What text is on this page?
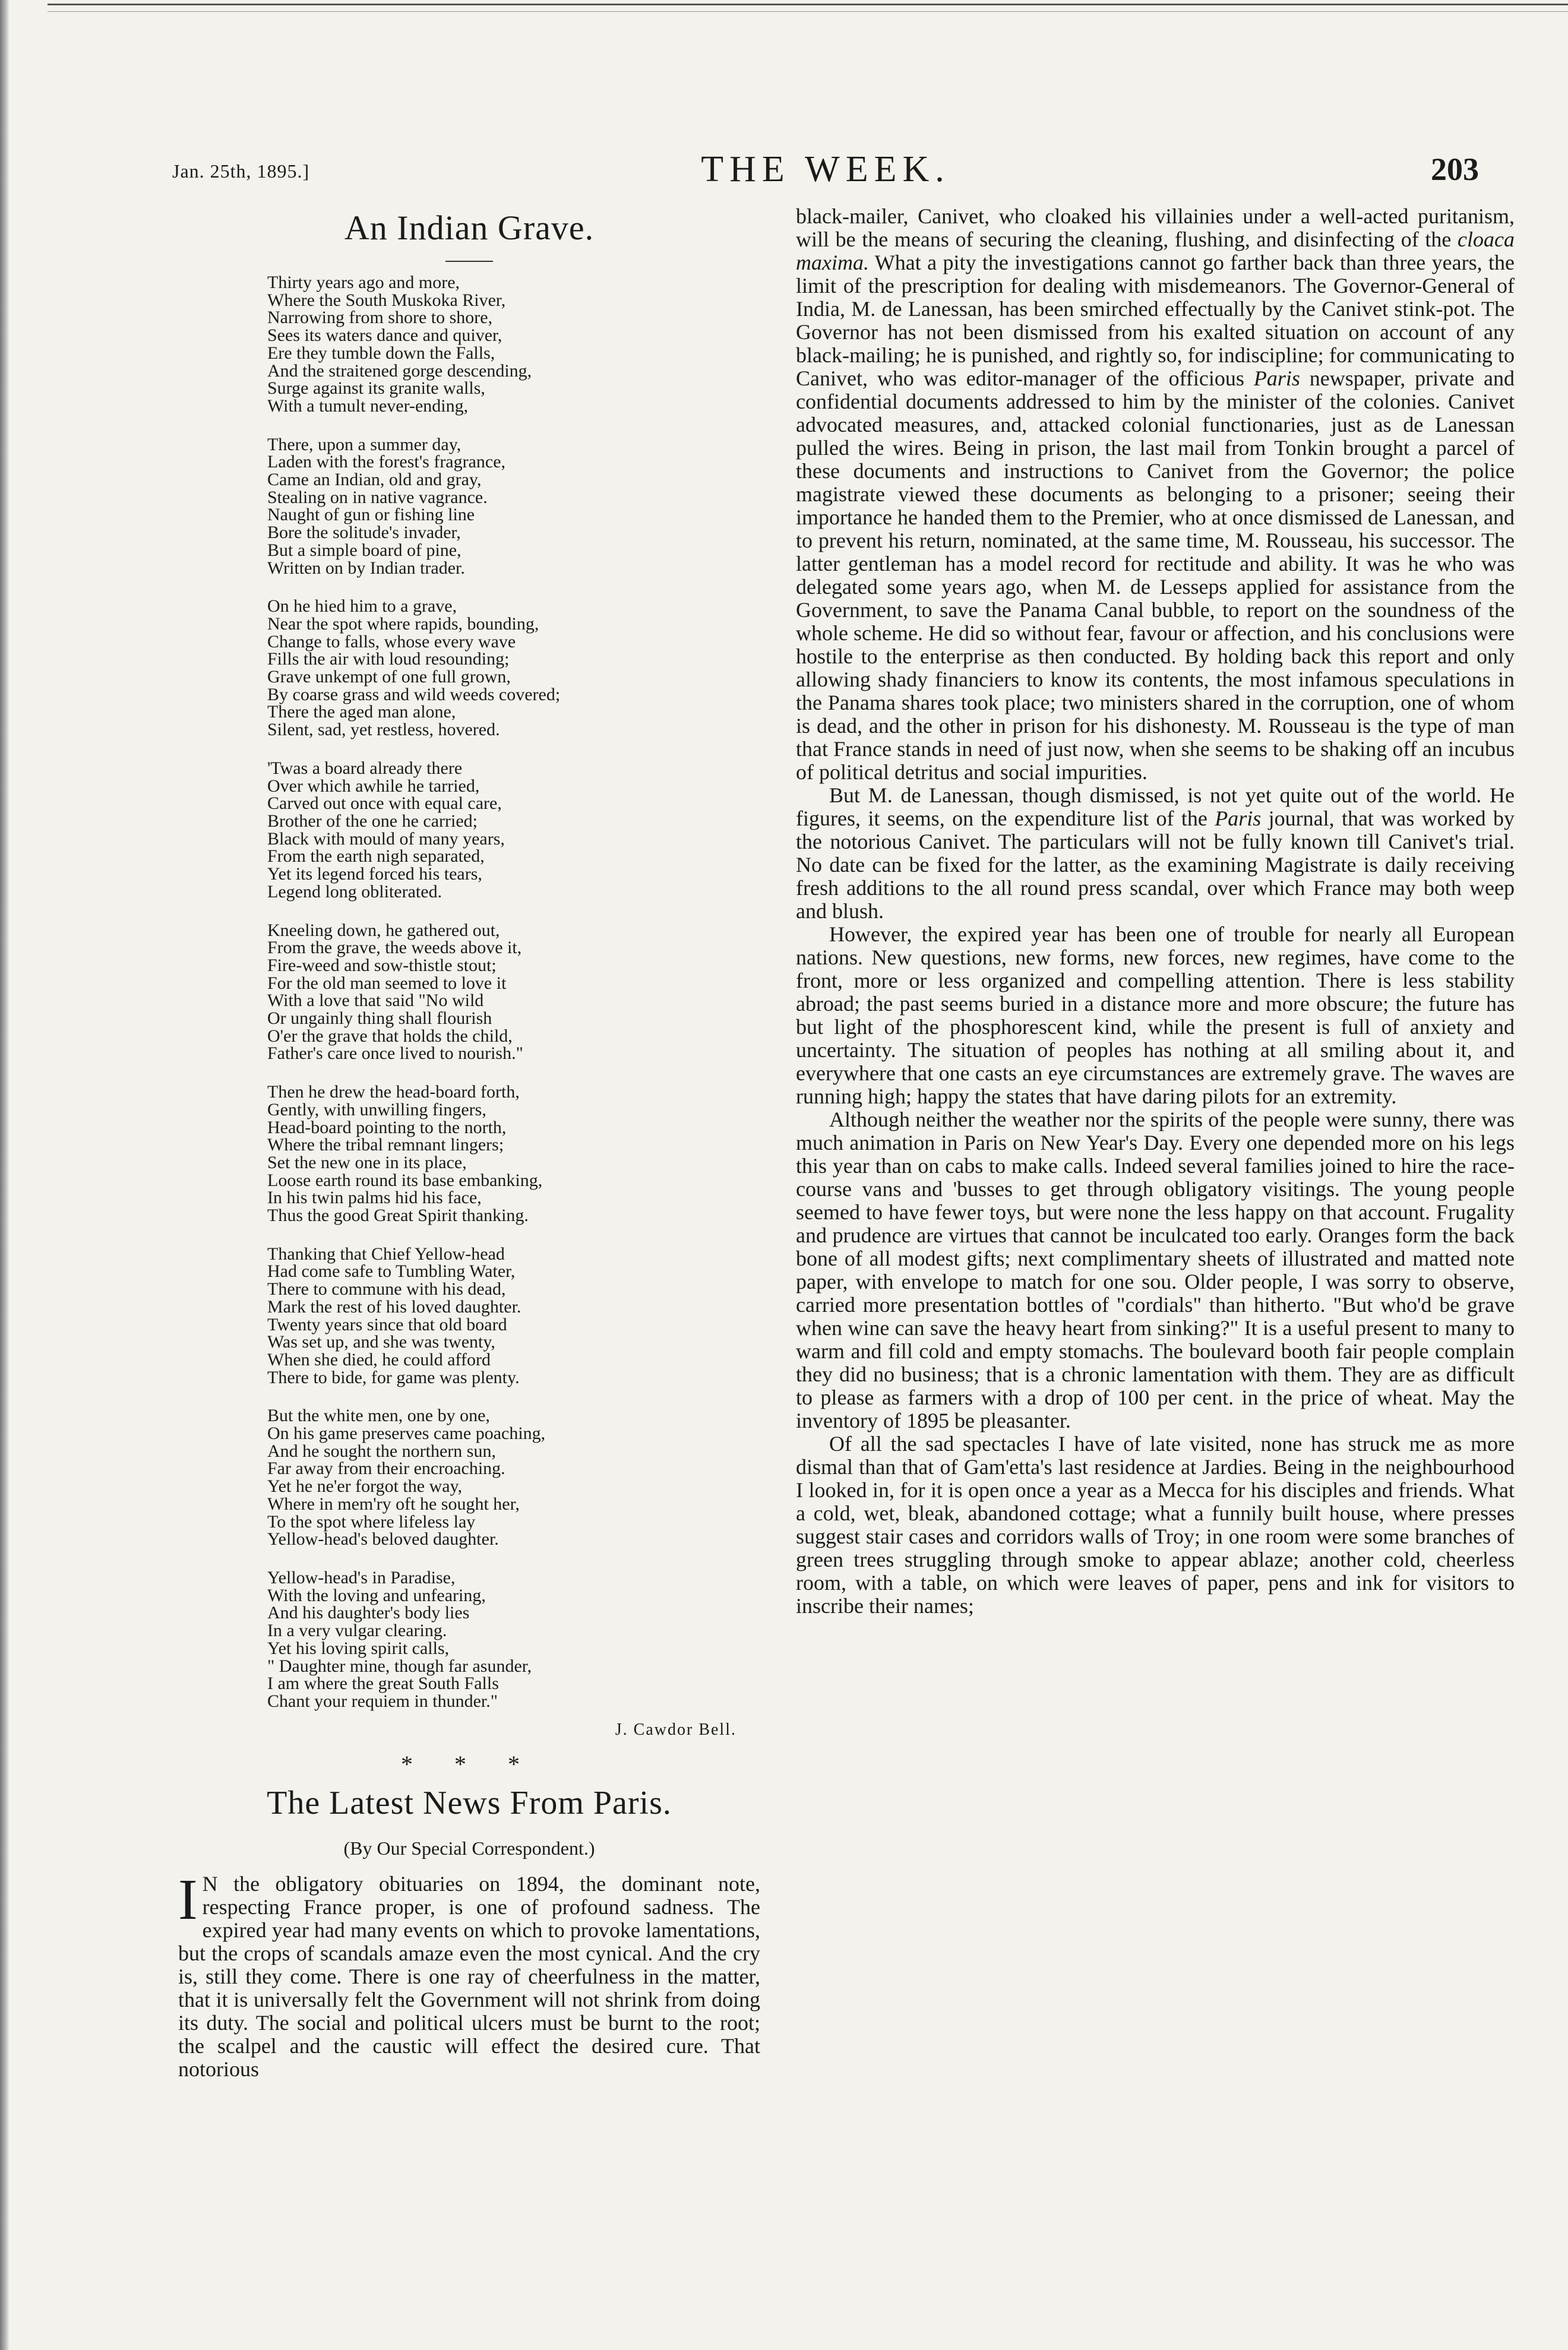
Jan. 25th, 1895.]	THE WEEK.	203
An Indian Grave.
Thirty years ago and more,
Where the South Muskoka River,
Narrowing from shore to shore,
Sees its waters dance and quiver,
Ere they tumble down the Falls,
And the straitened gorge descending,
Surge against its granite walls,
With a tumult never-ending,
There, upon a summer day,
Laden with the forest's fragrance,
Came an Indian, old and gray,
Stealing on in native vagrance.
Naught of gun or fishing line
Bore the solitude's invader,
But a simple board of pine,
Written on by Indian trader.
On he hied him to a grave,
Near the spot where rapids, bounding,
Change to falls, whose every wave
Fills the air with loud resounding;
Grave unkempt of one full grown,
By coarse grass and wild weeds covered;
There the aged man alone,
Silent, sad, yet restless, hovered.
'Twas a board already there
Over which awhile he tarried,
Carved out once with equal care,
Brother of the one he carried;
Black with mould of many years,
From the earth nigh separated,
Yet its legend forced his tears,
Legend long obliterated.
Kneeling down, he gathered out,
From the grave, the weeds above it,
Fire-weed and sow-thistle stout;
For the old man seemed to love it
With a love that said "No wild
Or ungainly thing shall flourish
O'er the grave that holds the child,
Father's care once lived to nourish."
Then he drew the head-board forth,
Gently, with unwilling fingers,
Head-board pointing to the north,
Where the tribal remnant lingers;
Set the new one in its place,
Loose earth round its base embanking,
In his twin palms hid his face,
Thus the good Great Spirit thanking.
Thanking that Chief Yellow-head
Had come safe to Tumbling Water,
There to commune with his dead,
Mark the rest of his loved daughter.
Twenty years since that old board
Was set up, and she was twenty,
When she died, he could afford
There to bide, for game was plenty.
But the white men, one by one,
On his game preserves came poaching,
And he sought the northern sun,
Far away from their encroaching.
Yet he ne'er forgot the way,
Where in mem'ry oft he sought her,
To the spot where lifeless lay
Yellow-head's beloved daughter.
Yellow-head's in Paradise,
With the loving and unfearing,
And his daughter's body lies
In a very vulgar clearing.
Yet his loving spirit calls,
" Daughter mine, though far asunder,
I am where the great South Falls
Chant your requiem in thunder."
J. Cawdor Bell.
* * *
The Latest News From Paris.
(By Our Special Correspondent.)

I N the obligatory obituaries on 1894, the dominant note, respecting France proper, is one of profound sadness. The expired year had many events on which to provoke lamentations, but the crops of scandals amaze even the most cynical. And the cry is, still they come. There is one ray of cheerfulness in the matter, that it is universally felt the Government will not shrink from doing its duty. The social and political ulcers must be burnt to the root; the scalpel and the caustic will effect the desired cure. That notorious

black-mailer, Canivet, who cloaked his villainies under a well-acted puritanism, will be the means of securing the cleaning, flushing, and disinfecting of the cloaca maxima. What a pity the investigations cannot go farther back than three years, the limit of the prescription for dealing with misdemeanors. The Governor-General of India, M. de Lanessan, has been smirched effectually by the Canivet stink-pot. The Governor has not been dismissed from his exalted situation on account of any black-mailing; he is punished, and rightly so, for indiscipline; for communicating to Canivet, who was editor-manager of the officious Paris newspaper, private and confidential documents addressed to him by the minister of the colonies. Canivet advocated measures, and, attacked colonial functionaries, just as de Lanessan pulled the wires. Being in prison, the last mail from Tonkin brought a parcel of these documents and instructions to Canivet from the Governor; the police magistrate viewed these documents as belonging to a prisoner; seeing their importance he handed them to the Premier, who at once dismissed de Lanessan, and to prevent his return, nominated, at the same time, M. Rousseau, his successor. The latter gentleman has a model record for rectitude and ability. It was he who was delegated some years ago, when M. de Lesseps applied for assistance from the Government, to save the Panama Canal bubble, to report on the soundness of the whole scheme. He did so without fear, favour or affection, and his conclusions were hostile to the enterprise as then conducted. By holding back this report and only allowing shady financiers to know its contents, the most infamous speculations in the Panama shares took place; two ministers shared in the corruption, one of whom is dead, and the other in prison for his dishonesty. M. Rousseau is the type of man that France stands in need of just now, when she seems to be shaking off an incubus of political detritus and social impurities.

But M. de Lanessan, though dismissed, is not yet quite out of the world. He figures, it seems, on the expenditure list of the Paris journal, that was worked by the notorious Canivet. The particulars will not be fully known till Canivet's trial. No date can be fixed for the latter, as the examining Magistrate is daily receiving fresh additions to the all round press scandal, over which France may both weep and blush.

However, the expired year has been one of trouble for nearly all European nations. New questions, new forms, new forces, new regimes, have come to the front, more or less organized and compelling attention. There is less stability abroad; the past seems buried in a distance more and more obscure; the future has but light of the phosphorescent kind, while the present is full of anxiety and uncertainty. The situation of peoples has nothing at all smiling about it, and everywhere that one casts an eye circumstances are extremely grave. The waves are running high; happy the states that have daring pilots for an extremity.

Although neither the weather nor the spirits of the people were sunny, there was much animation in Paris on New Year's Day. Every one depended more on his legs this year than on cabs to make calls. Indeed several families joined to hire the race-course vans and 'busses to get through obligatory visitings. The young people seemed to have fewer toys, but were none the less happy on that account. Frugality and prudence are virtues that cannot be inculcated too early. Oranges form the back bone of all modest gifts; next complimentary sheets of illustrated and matted note paper, with envelope to match for one sou. Older people, I was sorry to observe, carried more presentation bottles of "cordials" than hitherto. "But who'd be grave when wine can save the heavy heart from sinking?" It is a useful present to many to warm and fill cold and empty stomachs. The boulevard booth fair people complain they did no business; that is a chronic lamentation with them. They are as difficult to please as farmers with a drop of 100 per cent. in the price of wheat. May the inventory of 1895 be pleasanter.

Of all the sad spectacles I have of late visited, none has struck me as more dismal than that of Gam'etta's last residence at Jardies. Being in the neighbourhood I looked in, for it is open once a year as a Mecca for his disciples and friends. What a cold, wet, bleak, abandoned cottage; what a funnily built house, where presses suggest stair cases and corridors walls of Troy; in one room were some branches of green trees struggling through smoke to appear ablaze; another cold, cheerless room, with a table, on which were leaves of paper, pens and ink for visitors to inscribe their names;
